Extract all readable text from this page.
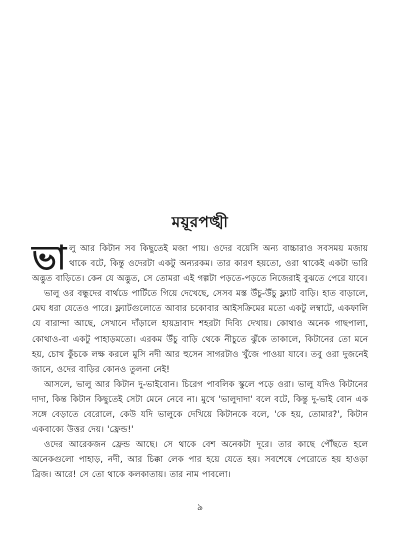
ময়ূরপঙ্খী

ভালু আর কিটান সব কিছুতেই মজা পায়। ওদের বয়েসি অন্য বাচ্চারাও সবসময় মজায় থাকে বটে, কিন্তু ওদেরটা একটু অন্যরকম। তার কারণ হয়তো, ওরা থাকেই একটা ভারি অদ্ভুত বাড়িতে। কেন যে অদ্ভুত, সে তোমরা এই গল্পটা পড়তে-পড়তে নিজেরাই বুঝতে পেরে যাবে।

ভালু ওর বন্ধুদের বার্থডে পার্টিতে গিয়ে দেখেছে, সেসব মস্ত উঁচু-উঁচু ফ্ল্যাট বাড়ি। হাত বাড়ালে, মেঘ ধরা যেতেও পারে। ফ্ল্যাটগুলোতে আবার চকোবার আইসক্রিমের মতো একটু লম্বাটে, একফালি যে বারান্দা আছে, সেখানে দাঁড়ালে হায়দ্রাবাদ শহরটা দিব্যি দেখায়। কোথাও অনেক গাছপালা, কোথাও-বা একটু পাহাড়মতো। এরকম উঁচু বাড়ি থেকে নীচুতে ঝুঁকে তাকালে, কিটানের তো মনে হয়, চোখ কুঁচকে লক্ষ করলে মুসি নদী আর হুসেন সাগরটাও খুঁজে পাওয়া যাবে। তবু ওরা দুজনেই জানে, ওদের বাড়ির কোনও তুলনা নেই!

আসলে, ভালু আর কিটান দু-ভাইবোন। চিরেগ পাবলিক স্কুলে পড়ে ওরা। ভালু যদিও কিটানের দাদা, কিন্ত কিটান কিছুতেই সেটা মেনে নেবে না। মুখে 'ভালুদাদা' বলে বটে, কিন্তু দু-ভাই বোন এক সঙ্গে বেড়াতে বেরোলে, কেউ যদি ভালুকে দেখিয়ে কিটানকে বলে, 'কে হয়, তোমার?', কিটান একবাক্যে উত্তর দেয়। 'ফ্রেন্ড!'

ওদের আরেকজন ফ্রেন্ড আছে। সে থাকে বেশ অনেকটা দূরে। তার কাছে পৌঁছতে হলে অনেকগুলো পাহাড়, নদী, আর চিক্কা লেক পার হয়ে যেতে হয়। সবশেষে পেরোতে হয় হাওড়া ব্রিজ। আরে! সে তো থাকে কলকাতায়। তার নাম পাবলো।

৯
